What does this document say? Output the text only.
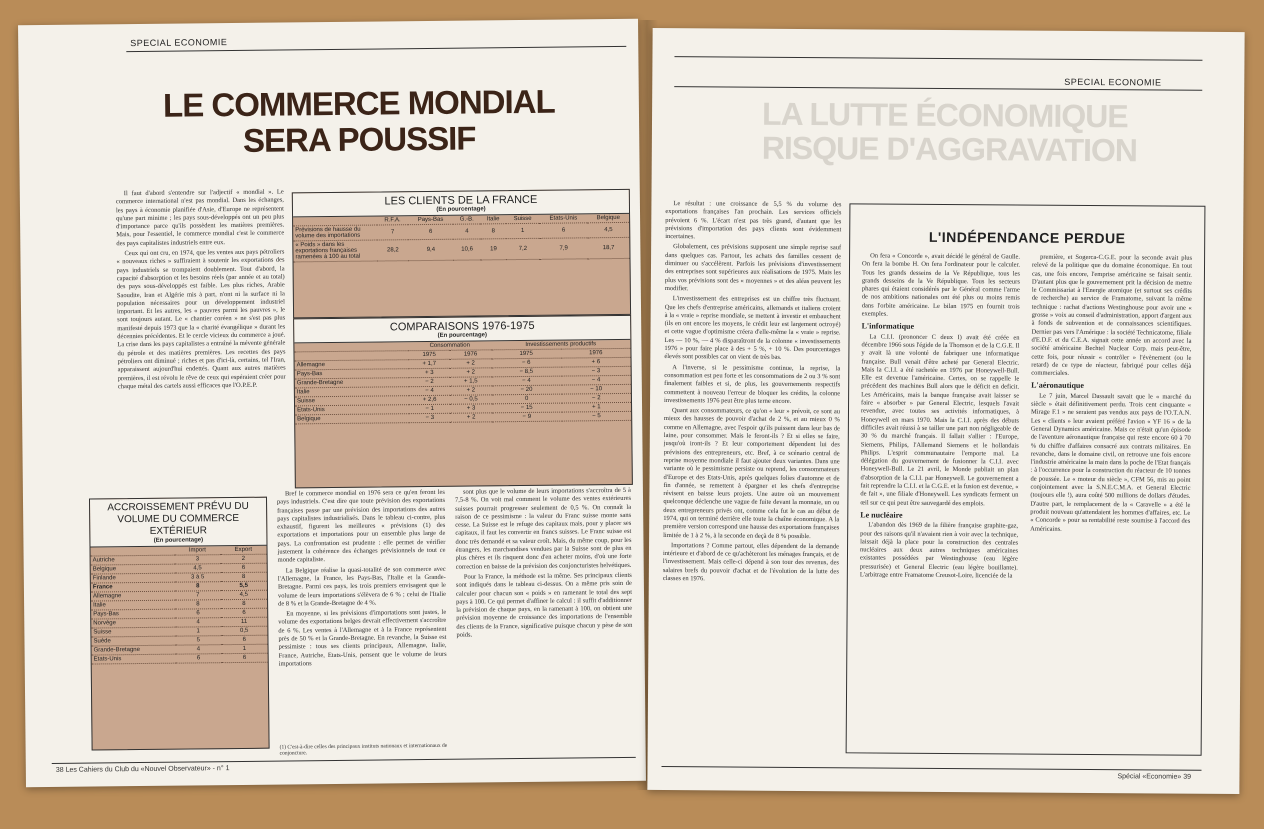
SPECIAL ECONOMIE
LE COMMERCE MONDIAL
SERA POUSSIF

Il faut d'abord s'entendre sur l'adjectif « mondial ». Le commerce international n'est pas mondial. Dans les échanges, les pays à économie planifiée d'Asie, d'Europe ne représentent qu'une part minime ; les pays sous-développés ont un peu plus d'importance parce qu'ils possèdent les matières premières. Mais, pour l'essentiel, le commerce mondial c'est le commerce des pays capitalistes industriels entre eux.

Ceux qui ont cru, en 1974, que les ventes aux pays pétroliers « nouveaux riches » suffiraient à soutenir les exportations des pays industriels se trompaient doublement. Tout d'abord, la capacité d'absorption et les besoins réels (par année et au total) des pays sous-développés est faible. Les plus riches, Arabie Saoudite, Iran et Algérie mis à part, n'ont ni la surface ni la population nécessaires pour un développement industriel important. Et les autres, les « pauvres parmi les pauvres », le sont toujours autant. Le « chantier coréen » ne s'est pas plus manifesté depuis 1973 que la « charité évangélique » durant les décennies précédentes. Et le cercle vicieux du commerce a joué. La crise dans les pays capitalistes a entraîné la mévente générale du pétrole et des matières premières. Les recettes des pays pétroliers ont diminué ; riches et pas d'ici-là, certains, tel l'Iran, apparaissent aujourd'hui endettés. Quant aux autres matières premières, il est révolu le rêve de ceux qui espéraient créer pour chaque métal des cartels aussi efficaces que l'O.P.E.P.

LES CLIENTS DE LA FRANCE
(En pourcentage)
	R.F.A.	Pays-Bas	G.-B.	Italie	Suisse	Etats-Unis	Belgique
Prévisions de hausse du volume des importations	7	6	4	8	1	6	4,5
« Poids » dans les exportations françaises ramenées à 100 au total	28,2	9,4	10,6	19	7,2	7,9	18,7
COMPARAISONS 1976-1975
(En pourcentage)
	Consommation		Investissements productifs	
	1975	1976	1975	1976
Allemagne	+ 1,7	+ 2	− 6	+ 6
Pays-Bas	+ 3	+ 2	− 8,5	− 3
Grande-Bretagne	− 2	+ 1,5	− 4	− 4
Italie	− 4	+ 2	− 20	− 10
Suisse	+ 2,6	− 0,5	0	− 2
Etats-Unis	− 1	+ 3	− 15	+ 1
Belgique	− 3	+ 2	− 9	− 5
ACCROISSEMENT PRÉVU DU VOLUME DU COMMERCE EXTÉRIEUR
(En pourcentage)
	Import	Export
Autriche	3	2
Belgique	4,5	6
Finlande	3 à 5	8
France	8	5,5
Allemagne	7	4,5
Italie	8	8
Pays-Bas	6	6
Norvège	4	11
Suisse	1	0,5
Suède	5	6
Grande-Bretagne	4	1
Etats-Unis	6	6

Bref le commerce mondial en 1976 sera ce qu'en feront les pays industriels. C'est dire que toute prévision des exportations françaises passe par une prévision des importations des autres pays capitalistes industrialisés. Dans le tableau ci-contre, plus exhaustif, figurent les meilleures « prévisions (1) des exportations et importations pour un ensemble plus large de pays. La confrontation est prudente : elle permet de vérifier justement la cohérence des échanges prévisionnels de tout ce monde capitaliste.

La Belgique réalise la quasi-totalité de son commerce avec l'Allemagne, la France, les Pays-Bas, l'Italie et la Grande-Bretagne. Parmi ces pays, les trois premiers envisagent que le volume de leurs importations s'élèvera de 6 % ; celui de l'Italie de 8 % et la Grande-Bretagne de 4 %.

En moyenne, si les prévisions d'importations sont justes, le volume des exportations belges devrait effectivement s'accroître de 6 %. Les ventes à l'Allemagne et à la France représentent près de 50 % et la Grande-Bretagne. En revanche, la Suisse est pessimiste : tous ses clients principaux, Allemagne, Italie, France, Autriche, Etats-Unis, pensent que le volume de leurs importations

(1) C'est-à-dire celles des principaux instituts nationaux et internationaux de conjoncture.

sont plus que le volume de leurs importations s'accroîtra de 5 à 7,5-8 %. On voit mal comment le volume des ventes extérieures suisses pourrait progresser seulement de 0,5 %. On connaît la raison de ce pessimisme : la valeur du Franc suisse monte sans cesse. La Suisse est le refuge des capitaux mais, pour y placer ses capitaux, il faut les convertir en francs suisses. Le Franc suisse est donc très demandé et sa valeur croît. Mais, du même coup, pour les étrangers, les marchandises vendues par la Suisse sont de plus en plus chères et ils risquent donc d'en acheter moins, d'où une forte correction en baisse de la prévision des conjoncturistes helvétiques.

Pour la France, la méthode est la même. Ses principaux clients sont indiqués dans le tableau ci-dessus. On a même pris soin de calculer pour chacun son « poids » en ramenant le total des sept pays à 100. Ce qui permet d'affiner le calcul : il suffit d'additionner la prévision de chaque pays, en la ramenant à 100, on obtient une prévision moyenne de croissance des importations de l'ensemble des clients de la France, significative puisque chacun y pèse de son poids.

38 Les Cahiers du Club du «Nouvel Observateur» - n° 1
SPECIAL ECONOMIE
LA LUTTE ÉCONOMIQUE
RISQUE D'AGGRAVATION

Le résultat : une croissance de 5,5 % du volume des exportations françaises l'an prochain. Les services officiels prévoient 6 %. L'écart n'est pas très grand, d'autant que les prévisions d'importation des pays clients sont évidemment incertaines.

Globalement, ces prévisions supposent une simple reprise sauf dans quelques cas. Partout, les achats des familles cessent de diminuer ou s'accélèrent. Parfois les prévisions d'investissement des entreprises sont supérieures aux réalisations de 1975. Mais les plus vos prévisions sont des « moyennes » et des aléas peuvent les modifier.

L'investissement des entreprises est un chiffre très fluctuant. Que les chefs d'entreprise américains, allemands et italiens croient à la « vraie » reprise mondiale, se mettent à investir et embauchent (ils en ont encore les moyens, le crédit leur est largement octroyé) et cette vague d'optimisme créera d'elle-même la « vraie » reprise. Les — 10 %, — 4 % disparaîtront de la colonne « investissements 1976 » pour faire place à des + 5 %, + 10 %. Des pourcentages élevés sont possibles car on vient de très bas.

A l'inverse, si le pessimisme continue, la reprise, la consommation est peu forte et les consommations de 2 ou 3 % sont finalement faibles et si, de plus, les gouvernements respectifs commettent à nouveau l'erreur de bloquer les crédits, la colonne investissements 1976 peut être plus terne encore.

Quant aux consommateurs, ce qu'on « leur » prévoit, ce sont au mieux des hausses de pouvoir d'achat de 2 %, et au mieux 0 % comme en Allemagne, avec l'espoir qu'ils puissent dans leur bas de laine, pour consommer. Mais le feront-ils ? Et si elles se faire, jusqu'où iront-ils ? Et leur comportement dépendent lui des prévisions des entrepreneurs, etc. Bref, à ce scénario central de reprise moyenne mondiale il faut ajouter deux variantes. Dans une variante où le pessimisme persiste ou reprend, les consommateurs d'Europe et des Etats-Unis, après quelques folies d'automne et de fin d'année, se remettent à épargner et les chefs d'entreprise révisent en baisse leurs projets. Une autre où un mouvement quelconque déclenche une vague de fuite devant la monnaie, un ou deux entrepreneurs privés ont, comme cela fut le cas au début de 1974, qui on terminé derrière elle toute la chaîne économique. A la première version correspond une hausse des exportations françaises limitée de 1 à 2 %, à la seconde en deçà de 8 % possible.

Importations ? Comme partout, elles dépendent de la demande intérieure et d'abord de ce qu'achèteront les ménages français, et de l'investissement. Mais celle-ci dépend à son tour des revenus, des salaires brefs du pouvoir d'achat et de l'évolution de la lutte des classes en 1976.

L'INDÉPENDANCE PERDUE

On fera « Concorde », avait décidé le général de Gaulle. On fera la bombe H. On fera l'ordinateur pour le calculer. Tous les grands desseins de la Ve République, tous les grands desseins de la Ve République. Tous les secteurs phares qui étaient considérés par le Général comme l'arme de nos ambitions nationales ont été plus ou moins remis dans l'orbite américaine. Le bilan 1975 en fournit trois exemples.

L'informatique

La C.I.I. (prononcer C deux I) avait été créée en décembre 1966 sous l'égide de la Thomson et de la C.G.E. Il y avait là une volonté de fabriquer une informatique française. Bull venait d'être acheté par General Electric. Mais la C.I.I. a été rachetée en 1976 par Honeywell-Bull. Elle est devenue l'américaine. Certes, on se rappelle le précédent des machines Bull alors que le déficit en deficit. Les Américains, mais la banque française avait laisser se faire « absorber » par General Electric, lesquels l'avait revendue, avec toutes ses activités informatiques, à Honeywell en mars 1970. Mais la C.I.I. après des débuts difficiles avait réussi à se tailler une part non négligeable de 30 % du marché français. Il fallait s'allier : l'Europe, Siemens, Philips, l'Allemand Siemens et le hollandais Philips. L'esprit communautaire l'emporte mal. La délégation du gouvernement de fusionner la C.I.I. avec Honeywell-Bull. Le 21 avril, le Monde publiait un plan d'absorption de la C.I.I. par Honeywell. Le gouvernement a fait reprendre la C.I.I. et la C.G.E. et la fusion est devenue, « de fait », une filiale d'Honeywell. Les syndicats ferment un œil sur ce qui peut être sauvegardé des emplois.

Le nucléaire

L'abandon dès 1969 de la filière française graphite-gaz, pour des raisons qu'il n'avaient rien à voir avec la technique, laissait déjà la place pour la construction des centrales nucléaires aux deux autres techniques américaines existantes possédées par Westinghouse (eau légère pressurisée) et General Electric (eau légère bouillante). L'arbitrage entre Framatome Creusot-Loire, licenciée de la

première, et Sogerca-C.G.E. pour la seconde avait plus relevé de la politique que du domaine économique. En tout cas, une fois encore, l'emprise américaine se faisait sentir. D'autant plus que le gouvernement prit la décision de mettre le Commissariat à l'Energie atomique (et surtout ses crédits de recherche) au service de Framatome, suivant la même technique : rachat d'actions Westinghouse pour avoir une « grosse » voix au conseil d'administration, apport d'argent aux à fonds de subvention et de connaissances scientifiques. Dernier pas vers l'Amérique : la société Technicatome, filiale d'E.D.F. et du C.E.A. signait cette année un accord avec la société américaine Bechtel Nuclear Corp. mais peut-être, cette fois, pour réussir « contrôler » l'évènement (ou le retard) de ce type de réacteur, fabriqué pour celles déjà commerciales.

L'aéronautique

Le 7 juin, Marcel Dassault savait que le « marché du siècle » était définitivement perdu. Trois cent cinquante « Mirage F.1 » ne seraient pas vendus aux pays de l'O.T.A.N. Les « clients » leur avaient préféré l'avion « YF 16 » de la General Dynamics américaine. Mais ce n'était qu'un épisode de l'aventure aéronautique française qui reste encore 60 à 70 % du chiffre d'affaires consacré aux contrats militaires. En revanche, dans le domaine civil, on retrouve une fois encore l'industrie américaine la main dans la poche de l'Etat français : à l'occurrence pour la construction du réacteur de 10 tonnes de poussée. Le « moteur du siècle », CFM 56, mis au point conjointement avec la S.N.E.C.M.A. et General Electric (toujours elle !), aura coûté 500 millions de dollars d'études. D'autre part, le remplacement de la « Caravelle » a été le produit nouveau qu'attendaient les hommes d'affaires, etc. Le « Concorde » pour sa rentabilité reste soumise à l'accord des Américains.

Spécial «Economie» 39
